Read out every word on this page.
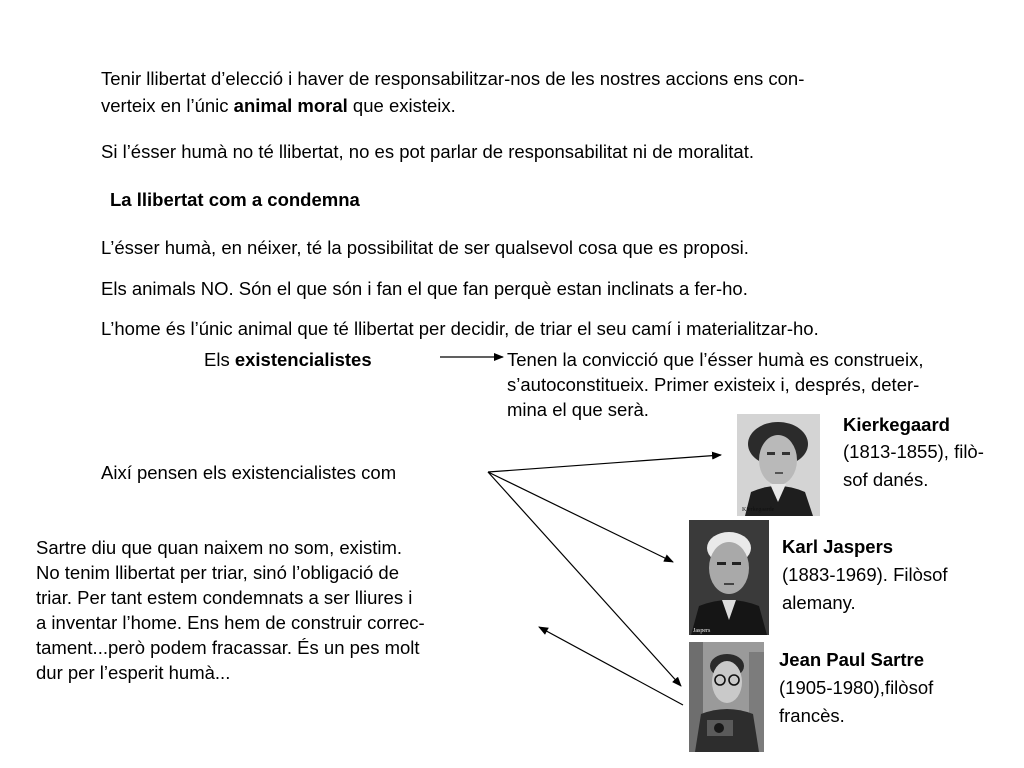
Tenir llibertat d’elecció i haver de responsabilitzar-nos de les nostres accions ens con-

verteix en l’únic animal moral que existeix.

Si l’ésser humà no té llibertat, no es pot parlar de responsabilitat ni de moralitat.

La llibertat com a condemna

L’ésser humà, en néixer, té la possibilitat de ser qualsevol cosa que es proposi.

Els animals NO. Són el que són i fan el que fan perquè estan inclinats a fer-ho.

L’home és l’únic animal que té llibertat per decidir, de triar el seu camí i materialitzar-ho.

Els existencialistes	Tenen la convicció que l’ésser humà es construeix,
s’autoconstitueix. Primer existeix i, després, deter-
mina el que serà.

Així pensen els existencialistes com

Sartre diu que quan naixem no som, existim.
No tenim llibertat per triar, sinó l’obligació de
triar. Per tant estem condemnats a ser lliures i
a inventar l’home. Ens hem de construir correc-
tament...però podem fracassar. És un pes molt
dur per l’esperit humà...
Kierkegaarde
Jaspers

Kierkegaard

(1813-1855), filò-

sof danés.

Karl Jaspers

(1883-1969). Filòsof

alemany.

Jean Paul Sartre

(1905-1980),filòsof

francès.
